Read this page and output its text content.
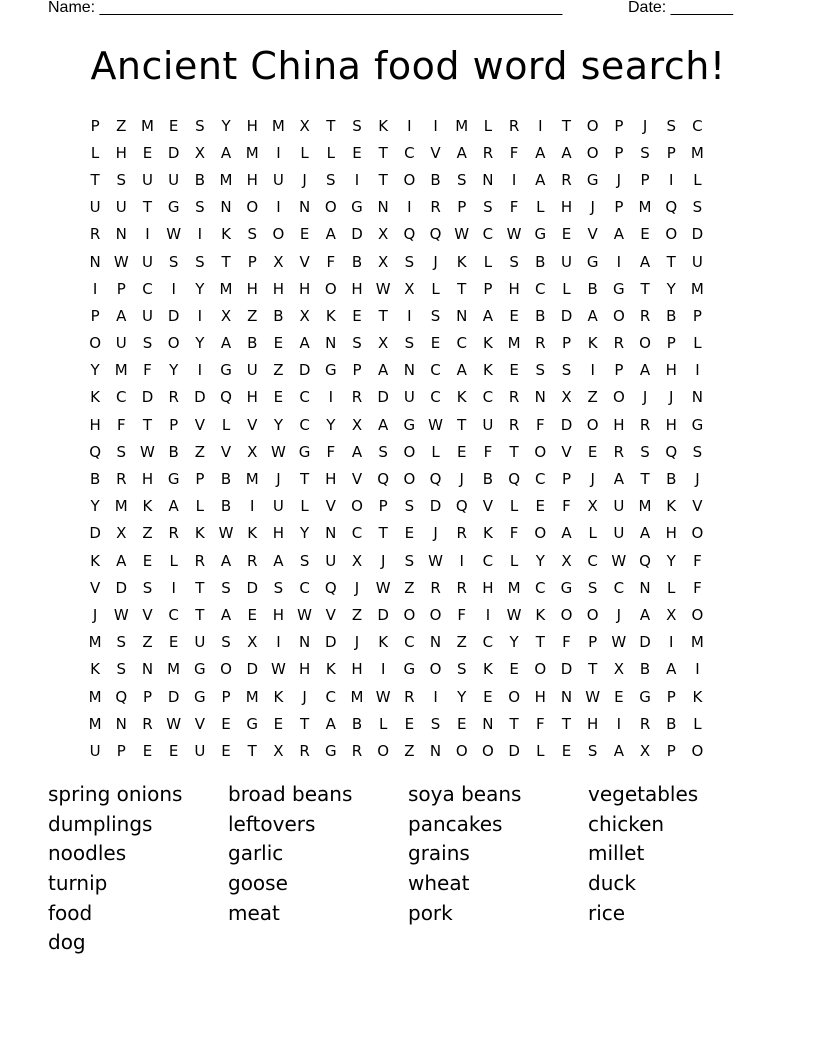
Name: ____________________________________________________	Date: _______
Ancient China food word search!
P	Z M E	S	Y	H M X	T	S	K	I	I	M	L	R	I	T	O	P	J	S	C
L	H	E	D	X	A M	I	L	L	E	T	C	V	A	R	F	A	A	O	P	S	P	M
T	S	U	U	B M H	U	J	S	I	T	O	B	S	N	I	A	R	G	J	P	I	L
U	U	T	G	S	N O	I	N O G N	I	R	P	S	F	L	H	J	P	M Q	S
R	N	I	W	I	K	S	O	E	A	D	X	Q Q W C W G	E	V	A	E	O D
N W U	S	S	T	P	X	V	F	B	X	S	J	K	L	S	B	U G	I	A	T	U
I	P	C	I	Y	M H H H O H W X	L	T	P	H	C	L	B	G	T	Y	M
P	A	U D	I	X	Z	B	X	K	E	T	I	S	N	A	E	B	D	A	O	R	B	P
O U	S	O	Y	A	B	E	A	N	S	X	S	E	C	K M R	P	K	R	O	P	L
Y	M	F	Y	I	G U	Z	D G	P	A	N	C	A	K	E	S	S	I	P	A	H	I
K	C	D	R	D Q H	E	C	I	R	D U	C	K	C	R	N	X	Z	O	J	J	N
H	F	T	P	V	L	V	Y	C	Y	X	A	G W T	U	R	F	D O H	R	H G
Q	S W B	Z	V	X W G	F	A	S	O	L	E	F	T	O	V	E	R	S	Q	S
B	R	H G	P	B M	J	T	H	V	Q O Q	J	B	Q	C	P	J	A	T	B	J
Y	M K	A	L	B	I	U	L	V	O	P	S	D Q	V	L	E	F	X	U M K	V
D	X	Z	R	K W K	H	Y	N	C	T	E	J	R	K	F	O	A	L	U	A	H O
K	A	E	L	R	A	R	A	S	U	X	J	S W	I	C	L	Y	X	C W Q	Y	F
V	D	S	I	T	S	D	S	C	Q	J	W Z	R	R	H M C	G	S	C	N	L	F
J	W V	C	T	A	E	H W V	Z	D O O	F	I	W K	O O	J	A	X	O
M S	Z	E	U	S	X	I	N D	J	K	C	N	Z	C	Y	T	F	P W D	I	M
K	S	N M G O D W H	K	H	I	G O	S	K	E	O D	T	X	B	A	I
M Q	P	D G	P	M K	J	C M W R	I	Y	E	O H N W E	G	P	K
M N	R W V	E	G	E	T	A	B	L	E	S	E	N	T	F	T	H	I	R	B	L
U	P	E	E	U	E	T	X	R	G	R	O	Z	N O O D	L	E	S	A	X	P	O
spring onions	broad beans	soya beans	vegetables
dumplings	leftovers	pancakes	chicken
noodles	garlic	grains	millet
turnip	goose	wheat	duck
food	meat	pork	rice
dog
